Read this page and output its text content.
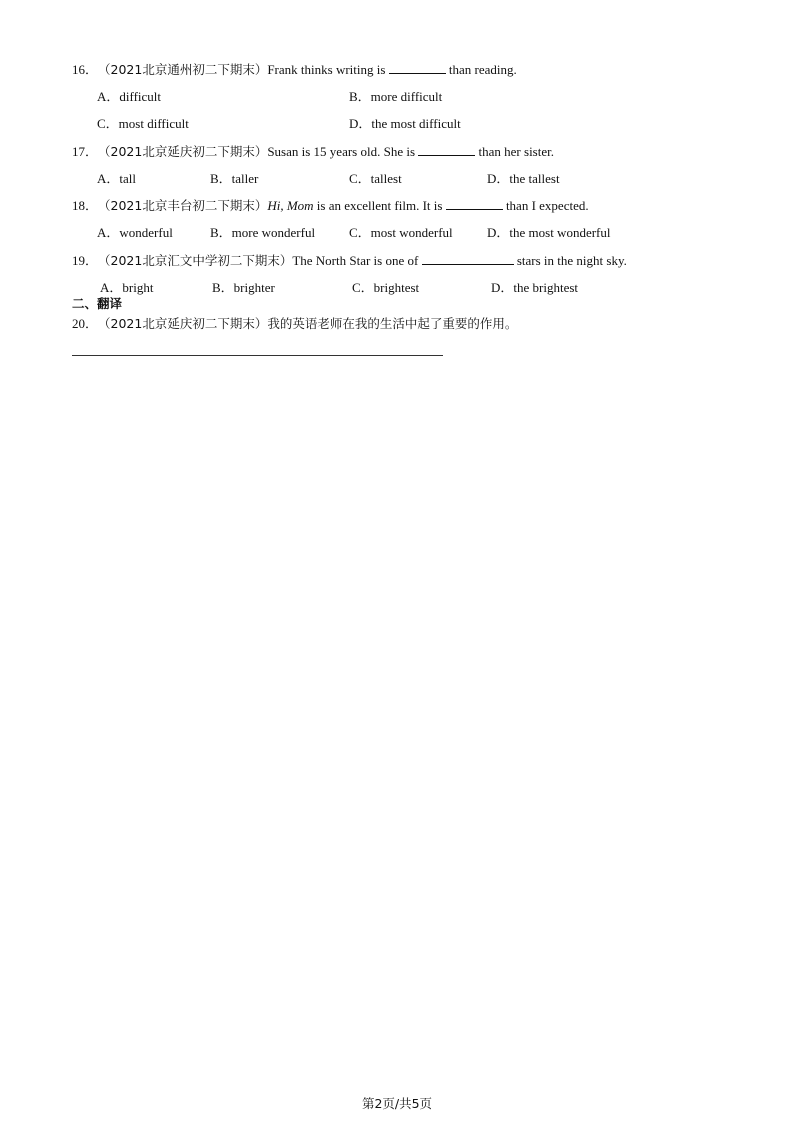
16．（2021北京通州初二下期末）Frank thinks writing is	than reading.
A．difficult	B．more difficult
C．most difficult	D．the most difficult
17．（2021北京延庆初二下期末）Susan is 15 years old. She is	than her sister.
A．tall	B．taller	C．tallest	D．the tallest
18．（2021北京丰台初二下期末）Hi, Mom is an excellent film. It is	than I expected.
A．wonderful	B．more wonderful	C．most wonderful	D．the most wonderful
19．（2021北京汇文中学初二下期末）The North Star is one of	stars in the night sky.
A．bright	B．brighter	C．brightest	D．the brightest
二、翻译
20．（2021北京延庆初二下期末）我的英语老师在我的生活中起了重要的作用。
第2页/共5页
